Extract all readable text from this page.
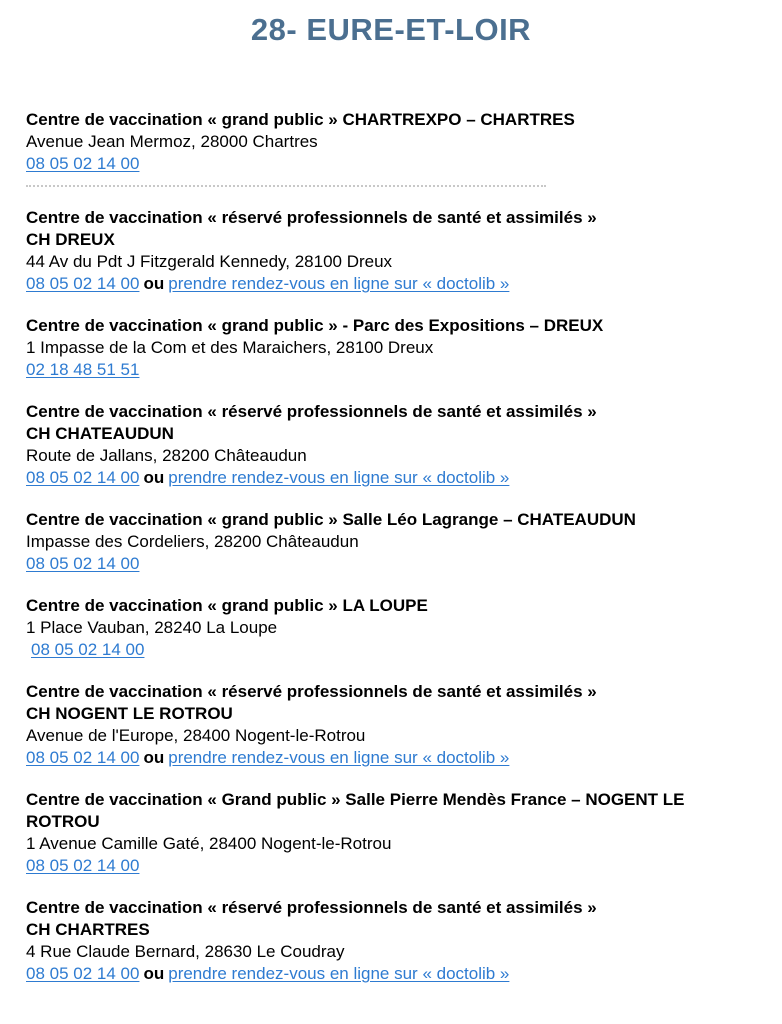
28- EURE-ET-LOIR
Centre de vaccination « grand public » CHARTREXPO – CHARTRES
Avenue Jean Mermoz, 28000 Chartres
08 05 02 14 00
Centre de vaccination « réservé professionnels de santé et assimilés »
CH DREUX
44 Av du Pdt J Fitzgerald Kennedy, 28100 Dreux
08 05 02 14 00 ou prendre rendez-vous en ligne sur « doctolib »
Centre de vaccination « grand public » - Parc des Expositions – DREUX
1 Impasse de la Com et des Maraichers, 28100 Dreux
02 18 48 51 51
Centre de vaccination « réservé professionnels de santé et assimilés »
CH CHATEAUDUN
Route de Jallans, 28200 Châteaudun
08 05 02 14 00 ou prendre rendez-vous en ligne sur « doctolib »
Centre de vaccination « grand public » Salle Léo Lagrange – CHATEAUDUN
Impasse des Cordeliers, 28200 Châteaudun
08 05 02 14 00
Centre de vaccination « grand public » LA LOUPE
1 Place Vauban, 28240 La Loupe
08 05 02 14 00
Centre de vaccination « réservé professionnels de santé et assimilés »
CH NOGENT LE ROTROU
Avenue de l'Europe, 28400 Nogent-le-Rotrou
08 05 02 14 00 ou prendre rendez-vous en ligne sur « doctolib »
Centre de vaccination « Grand public » Salle Pierre Mendès France – NOGENT LE ROTROU
1 Avenue Camille Gaté, 28400 Nogent-le-Rotrou
08 05 02 14 00
Centre de vaccination « réservé professionnels de santé et assimilés »
CH CHARTRES
4 Rue Claude Bernard, 28630 Le Coudray
08 05 02 14 00 ou prendre rendez-vous en ligne sur « doctolib »
